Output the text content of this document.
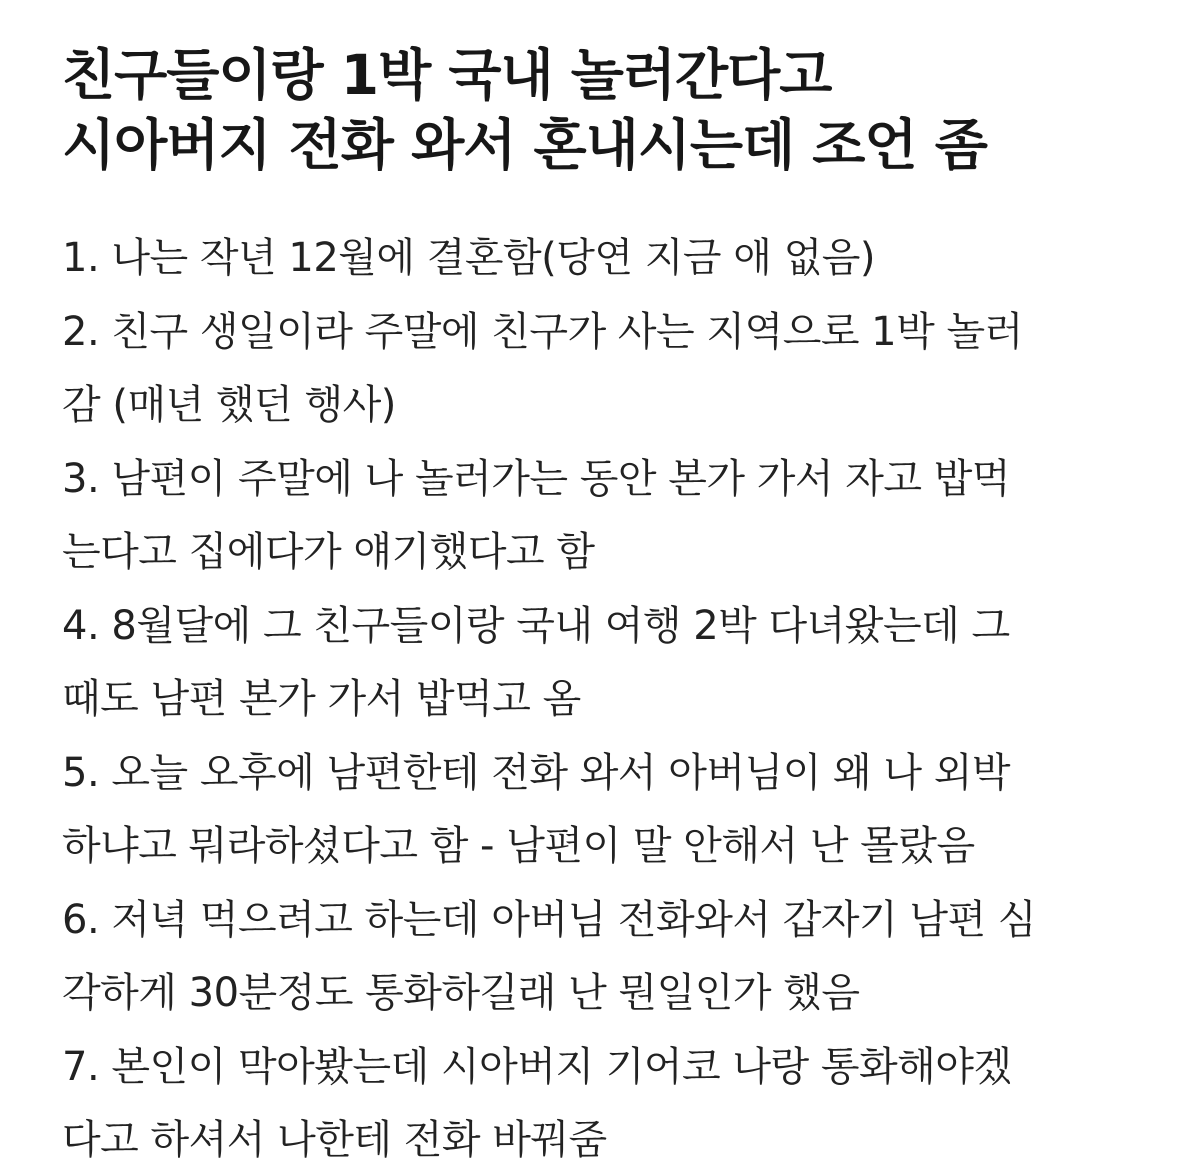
친구들이랑 1박 국내 놀러간다고
시아버지 전화 와서 혼내시는데 조언 좀
1. 나는 작년 12월에 결혼함(당연 지금 애 없음)
2. 친구 생일이라 주말에 친구가 사는 지역으로 1박 놀러
감 (매년 했던 행사)
3. 남편이 주말에 나 놀러가는 동안 본가 가서 자고 밥먹
는다고 집에다가 얘기했다고 함
4. 8월달에 그 친구들이랑 국내 여행 2박 다녀왔는데 그
때도 남편 본가 가서 밥먹고 옴
5. 오늘 오후에 남편한테 전화 와서 아버님이 왜 나 외박
하냐고 뭐라하셨다고 함 - 남편이 말 안해서 난 몰랐음
6. 저녁 먹으려고 하는데 아버님 전화와서 갑자기 남편 심
각하게 30분정도 통화하길래 난 뭔일인가 했음
7. 본인이 막아봤는데 시아버지 기어코 나랑 통화해야겠
다고 하셔서 나한테 전화 바꿔줌
